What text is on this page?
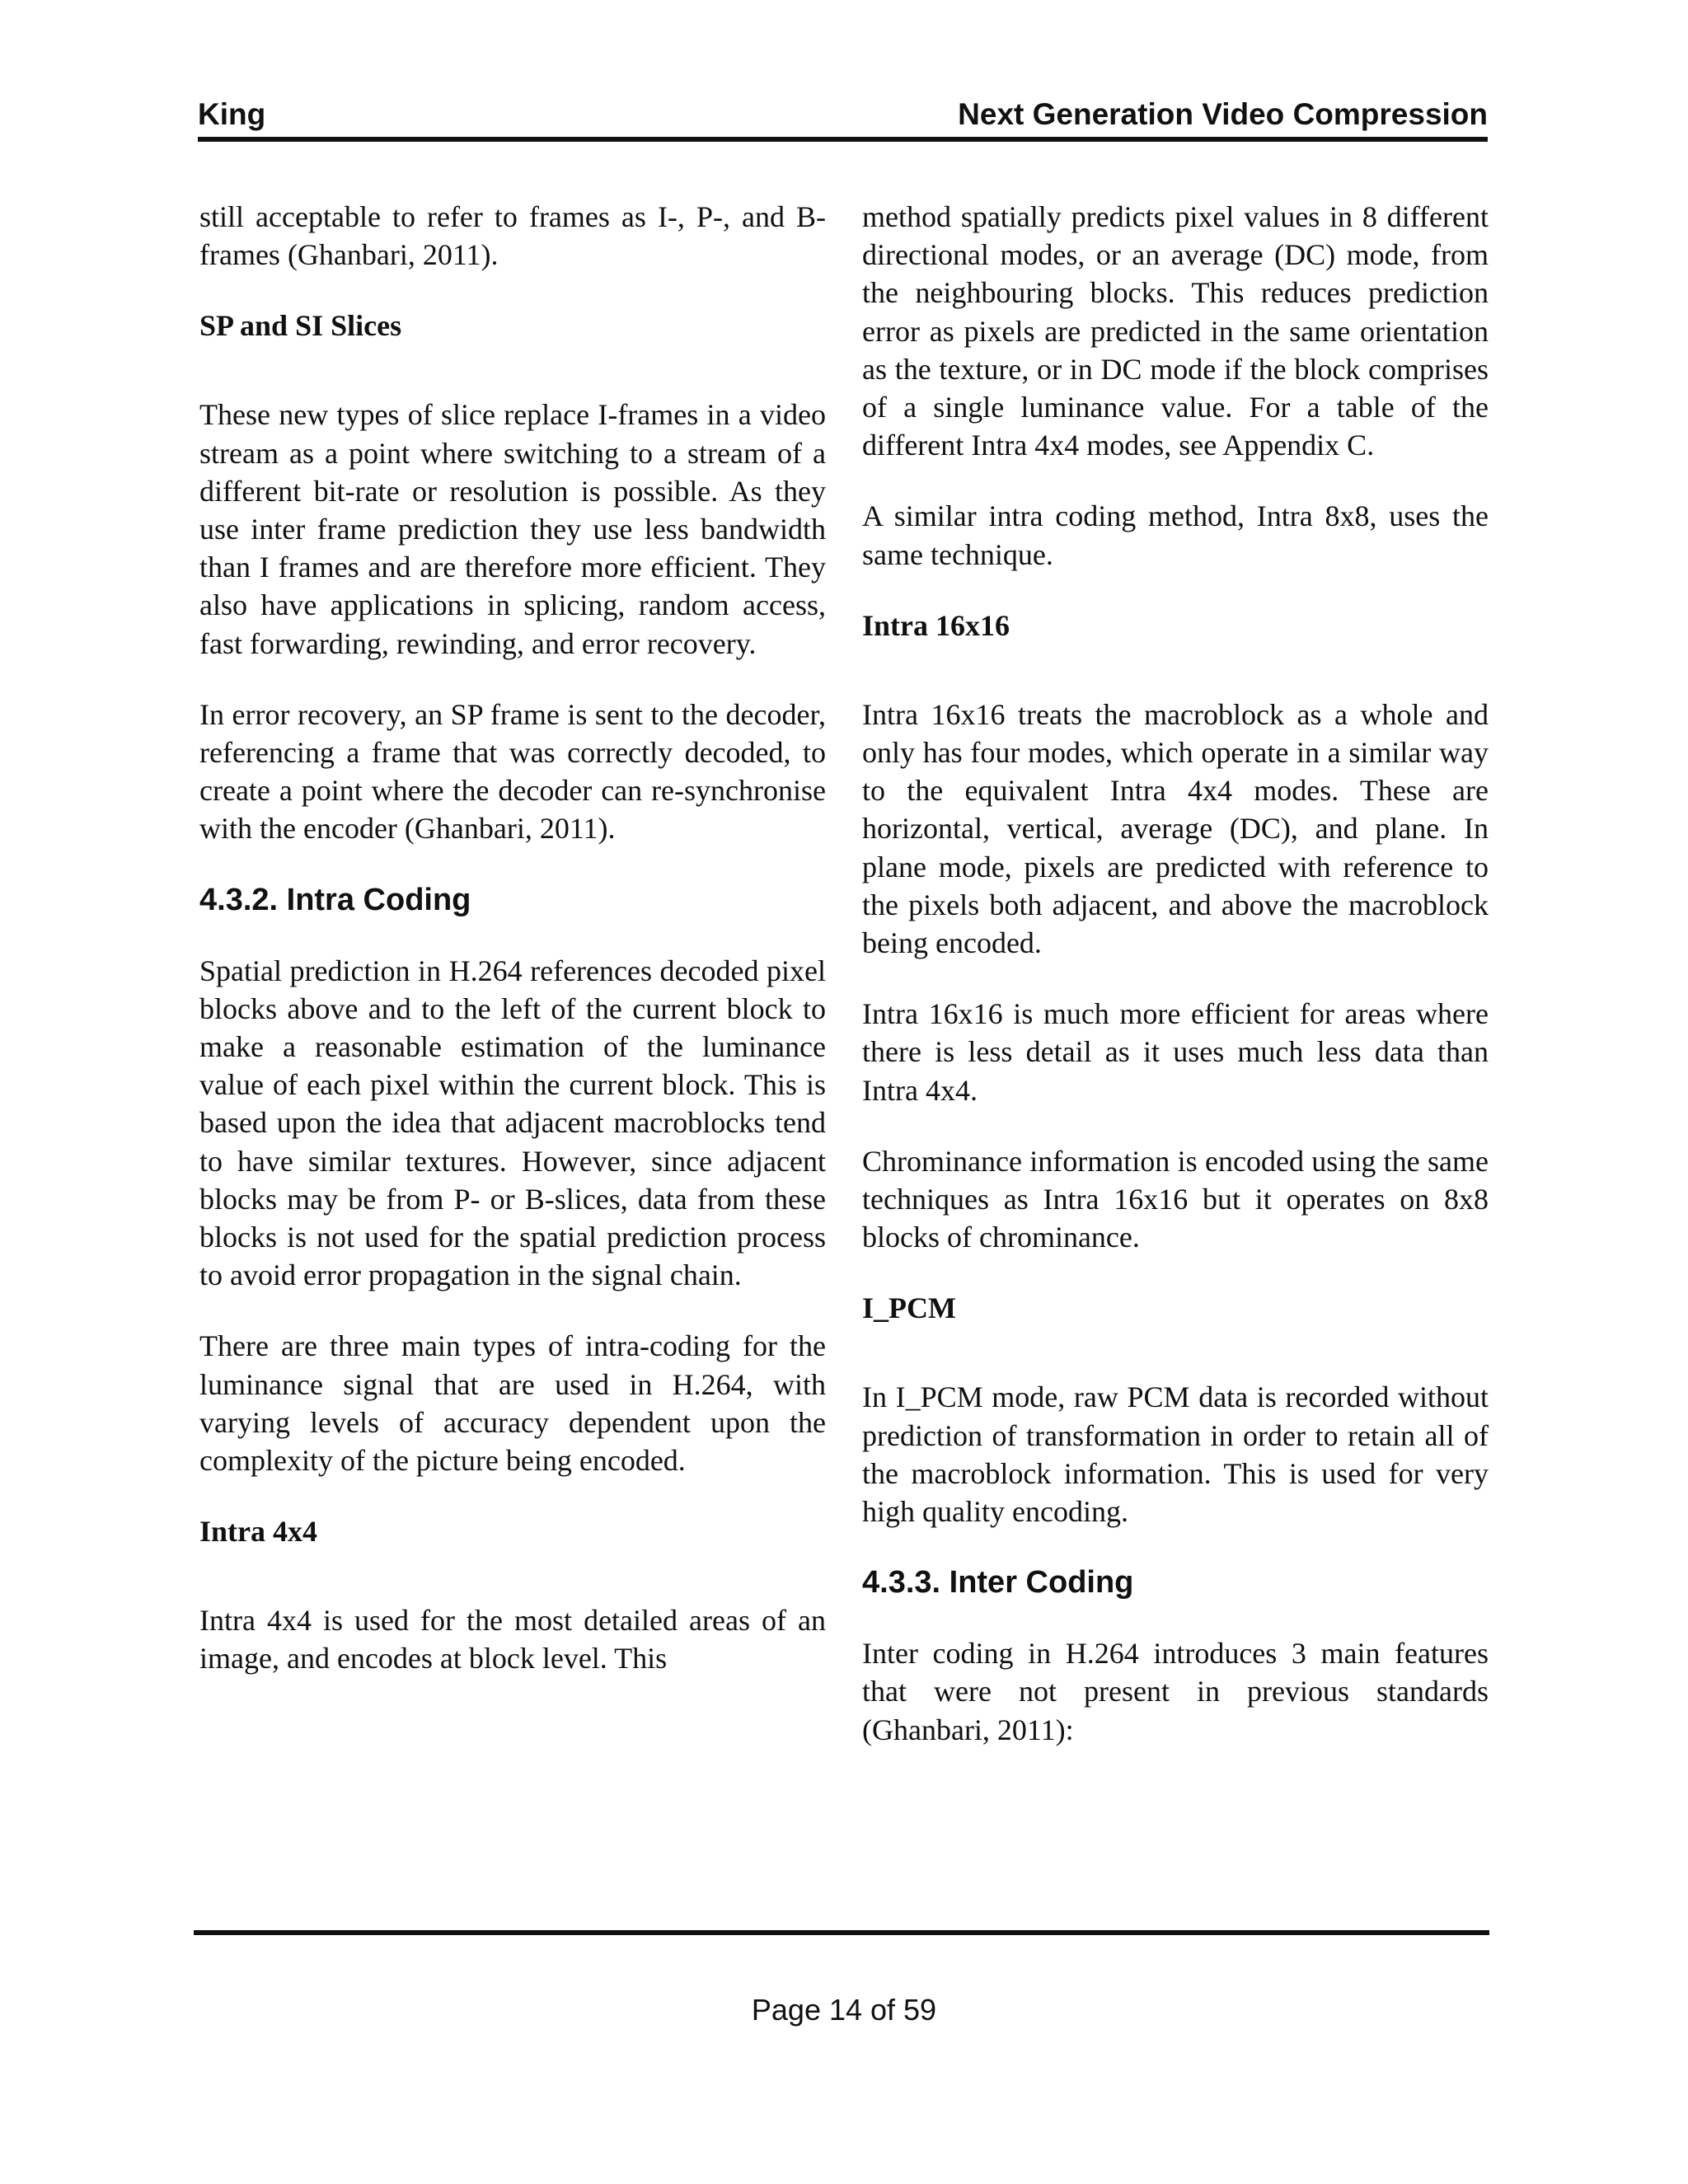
King	Next Generation Video Compression

still acceptable to refer to frames as I-, P-, and B-frames (Ghanbari, 2011).

SP and SI Slices

These new types of slice replace I-frames in a video stream as a point where switching to a stream of a different bit-rate or resolution is possible. As they use inter frame prediction they use less bandwidth than I frames and are therefore more efficient. They also have applications in splicing, random access, fast forwarding, rewinding, and error recovery.

In error recovery, an SP frame is sent to the decoder, referencing a frame that was correctly decoded, to create a point where the decoder can re-synchronise with the encoder (Ghanbari, 2011).

4.3.2. Intra Coding

Spatial prediction in H.264 references decoded pixel blocks above and to the left of the current block to make a reasonable estimation of the luminance value of each pixel within the current block. This is based upon the idea that adjacent macroblocks tend to have similar textures. However, since adjacent blocks may be from P- or B-slices, data from these blocks is not used for the spatial prediction process to avoid error propagation in the signal chain.

There are three main types of intra-coding for the luminance signal that are used in H.264, with varying levels of accuracy dependent upon the complexity of the picture being encoded.

Intra 4x4

Intra 4x4 is used for the most detailed areas of an image, and encodes at block level. This

method spatially predicts pixel values in 8 different directional modes, or an average (DC) mode, from the neighbouring blocks. This reduces prediction error as pixels are predicted in the same orientation as the texture, or in DC mode if the block comprises of a single luminance value. For a table of the different Intra 4x4 modes, see Appendix C.

A similar intra coding method, Intra 8x8, uses the same technique.

Intra 16x16

Intra 16x16 treats the macroblock as a whole and only has four modes, which operate in a similar way to the equivalent Intra 4x4 modes. These are horizontal, vertical, average (DC), and plane. In plane mode, pixels are predicted with reference to the pixels both adjacent, and above the macroblock being encoded.

Intra 16x16 is much more efficient for areas where there is less detail as it uses much less data than Intra 4x4.

Chrominance information is encoded using the same techniques as Intra 16x16 but it operates on 8x8 blocks of chrominance.

I_PCM

In I_PCM mode, raw PCM data is recorded without prediction of transformation in order to retain all of the macroblock information. This is used for very high quality encoding.

4.3.3. Inter Coding

Inter coding in H.264 introduces 3 main features that were not present in previous standards (Ghanbari, 2011):

Page 14 of 59
